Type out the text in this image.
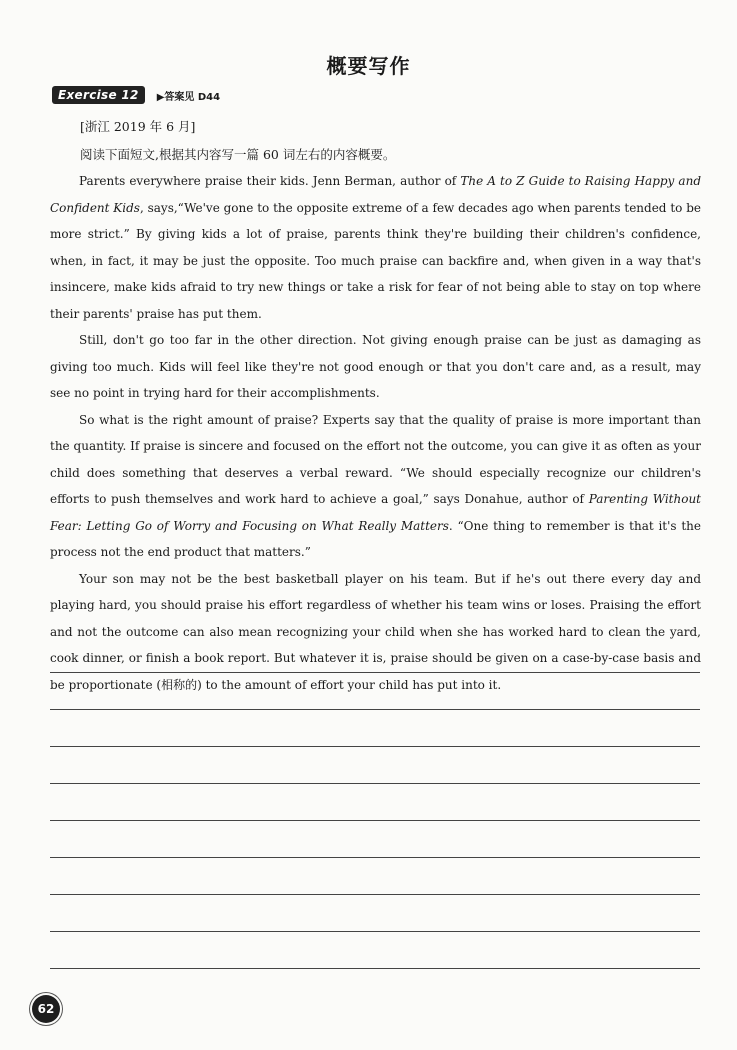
概要写作
Exercise 12	▶答案见 D44
[浙江 2019 年 6 月]
阅读下面短文,根据其内容写一篇 60 词左右的内容概要。

Parents everywhere praise their kids. Jenn Berman, author of The A to Z Guide to Raising Happy and Confident Kids, says,“We've gone to the opposite extreme of a few decades ago when parents tended to be more strict.” By giving kids a lot of praise, parents think they're building their children's confidence, when, in fact, it may be just the opposite. Too much praise can backfire and, when given in a way that's insincere, make kids afraid to try new things or take a risk for fear of not being able to stay on top where their parents' praise has put them.

Still, don't go too far in the other direction. Not giving enough praise can be just as damaging as giving too much. Kids will feel like they're not good enough or that you don't care and, as a result, may see no point in trying hard for their accomplishments.

So what is the right amount of praise? Experts say that the quality of praise is more important than the quantity. If praise is sincere and focused on the effort not the outcome, you can give it as often as your child does something that deserves a verbal reward. “We should especially recognize our children's efforts to push themselves and work hard to achieve a goal,” says Donahue, author of Parenting Without Fear: Letting Go of Worry and Focusing on What Really Matters. “One thing to remember is that it's the process not the end product that matters.”

Your son may not be the best basketball player on his team. But if he's out there every day and playing hard, you should praise his effort regardless of whether his team wins or loses. Praising the effort and not the outcome can also mean recognizing your child when she has worked hard to clean the yard, cook dinner, or finish a book report. But whatever it is, praise should be given on a case-by-case basis and be proportionate (相称的) to the amount of effort your child has put into it.

62
